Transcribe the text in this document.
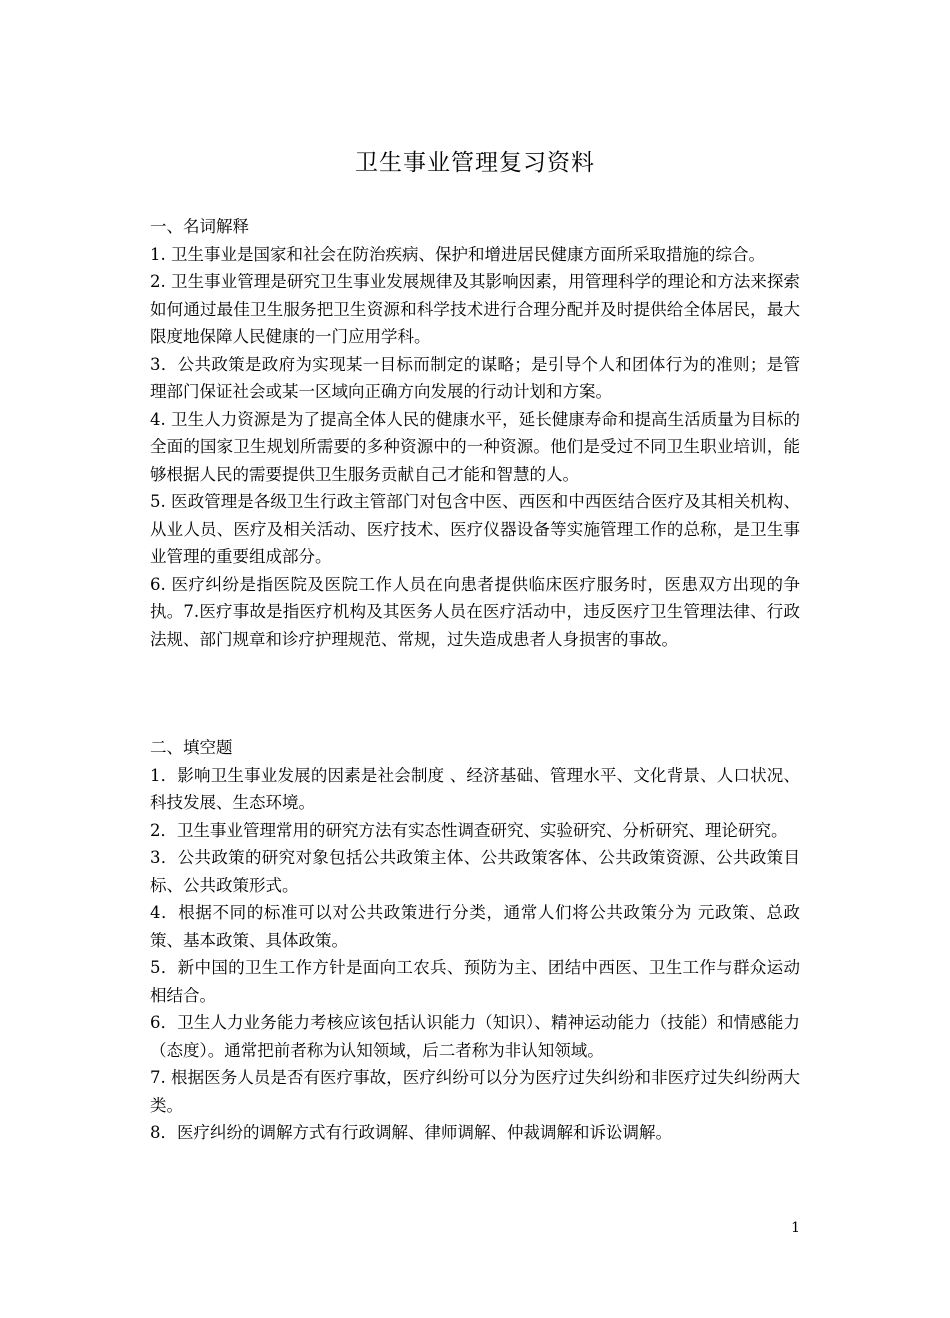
卫生事业管理复习资料

一、名词解释

1. 卫生事业是国家和社会在防治疾病、保护和增进居民健康方面所采取措施的综合。

2. 卫生事业管理是研究卫生事业发展规律及其影响因素，用管理科学的理论和方法来探索如何通过最佳卫生服务把卫生资源和科学技术进行合理分配并及时提供给全体居民，最大限度地保障人民健康的一门应用学科。

3．公共政策是政府为实现某一目标而制定的谋略；是引导个人和团体行为的准则；是管理部门保证社会或某一区域向正确方向发展的行动计划和方案。

4. 卫生人力资源是为了提高全体人民的健康水平，延长健康寿命和提高生活质量为目标的全面的国家卫生规划所需要的多种资源中的一种资源。他们是受过不同卫生职业培训，能够根据人民的需要提供卫生服务贡献自己才能和智慧的人。

5. 医政管理是各级卫生行政主管部门对包含中医、西医和中西医结合医疗及其相关机构、从业人员、医疗及相关活动、医疗技术、医疗仪器设备等实施管理工作的总称，是卫生事业管理的重要组成部分。

6. 医疗纠纷是指医院及医院工作人员在向患者提供临床医疗服务时，医患双方出现的争执。7.医疗事故是指医疗机构及其医务人员在医疗活动中，违反医疗卫生管理法律、行政法规、部门规章和诊疗护理规范、常规，过失造成患者人身损害的事故。

二、填空题

1．影响卫生事业发展的因素是社会制度 、经济基础、管理水平、文化背景、人口状况、科技发展、生态环境。

2．卫生事业管理常用的研究方法有实态性调查研究、实验研究、分析研究、理论研究。

3．公共政策的研究对象包括公共政策主体、公共政策客体、公共政策资源、公共政策目标、公共政策形式。

4．根据不同的标准可以对公共政策进行分类，通常人们将公共政策分为 元政策、总政策、基本政策、具体政策。

5．新中国的卫生工作方针是面向工农兵、预防为主、团结中西医、卫生工作与群众运动相结合。

6．卫生人力业务能力考核应该包括认识能力（知识）、精神运动能力（技能）和情感能力（态度）。通常把前者称为认知领域，后二者称为非认知领域。

7. 根据医务人员是否有医疗事故，医疗纠纷可以分为医疗过失纠纷和非医疗过失纠纷两大类。

8．医疗纠纷的调解方式有行政调解、律师调解、仲裁调解和诉讼调解。

1
